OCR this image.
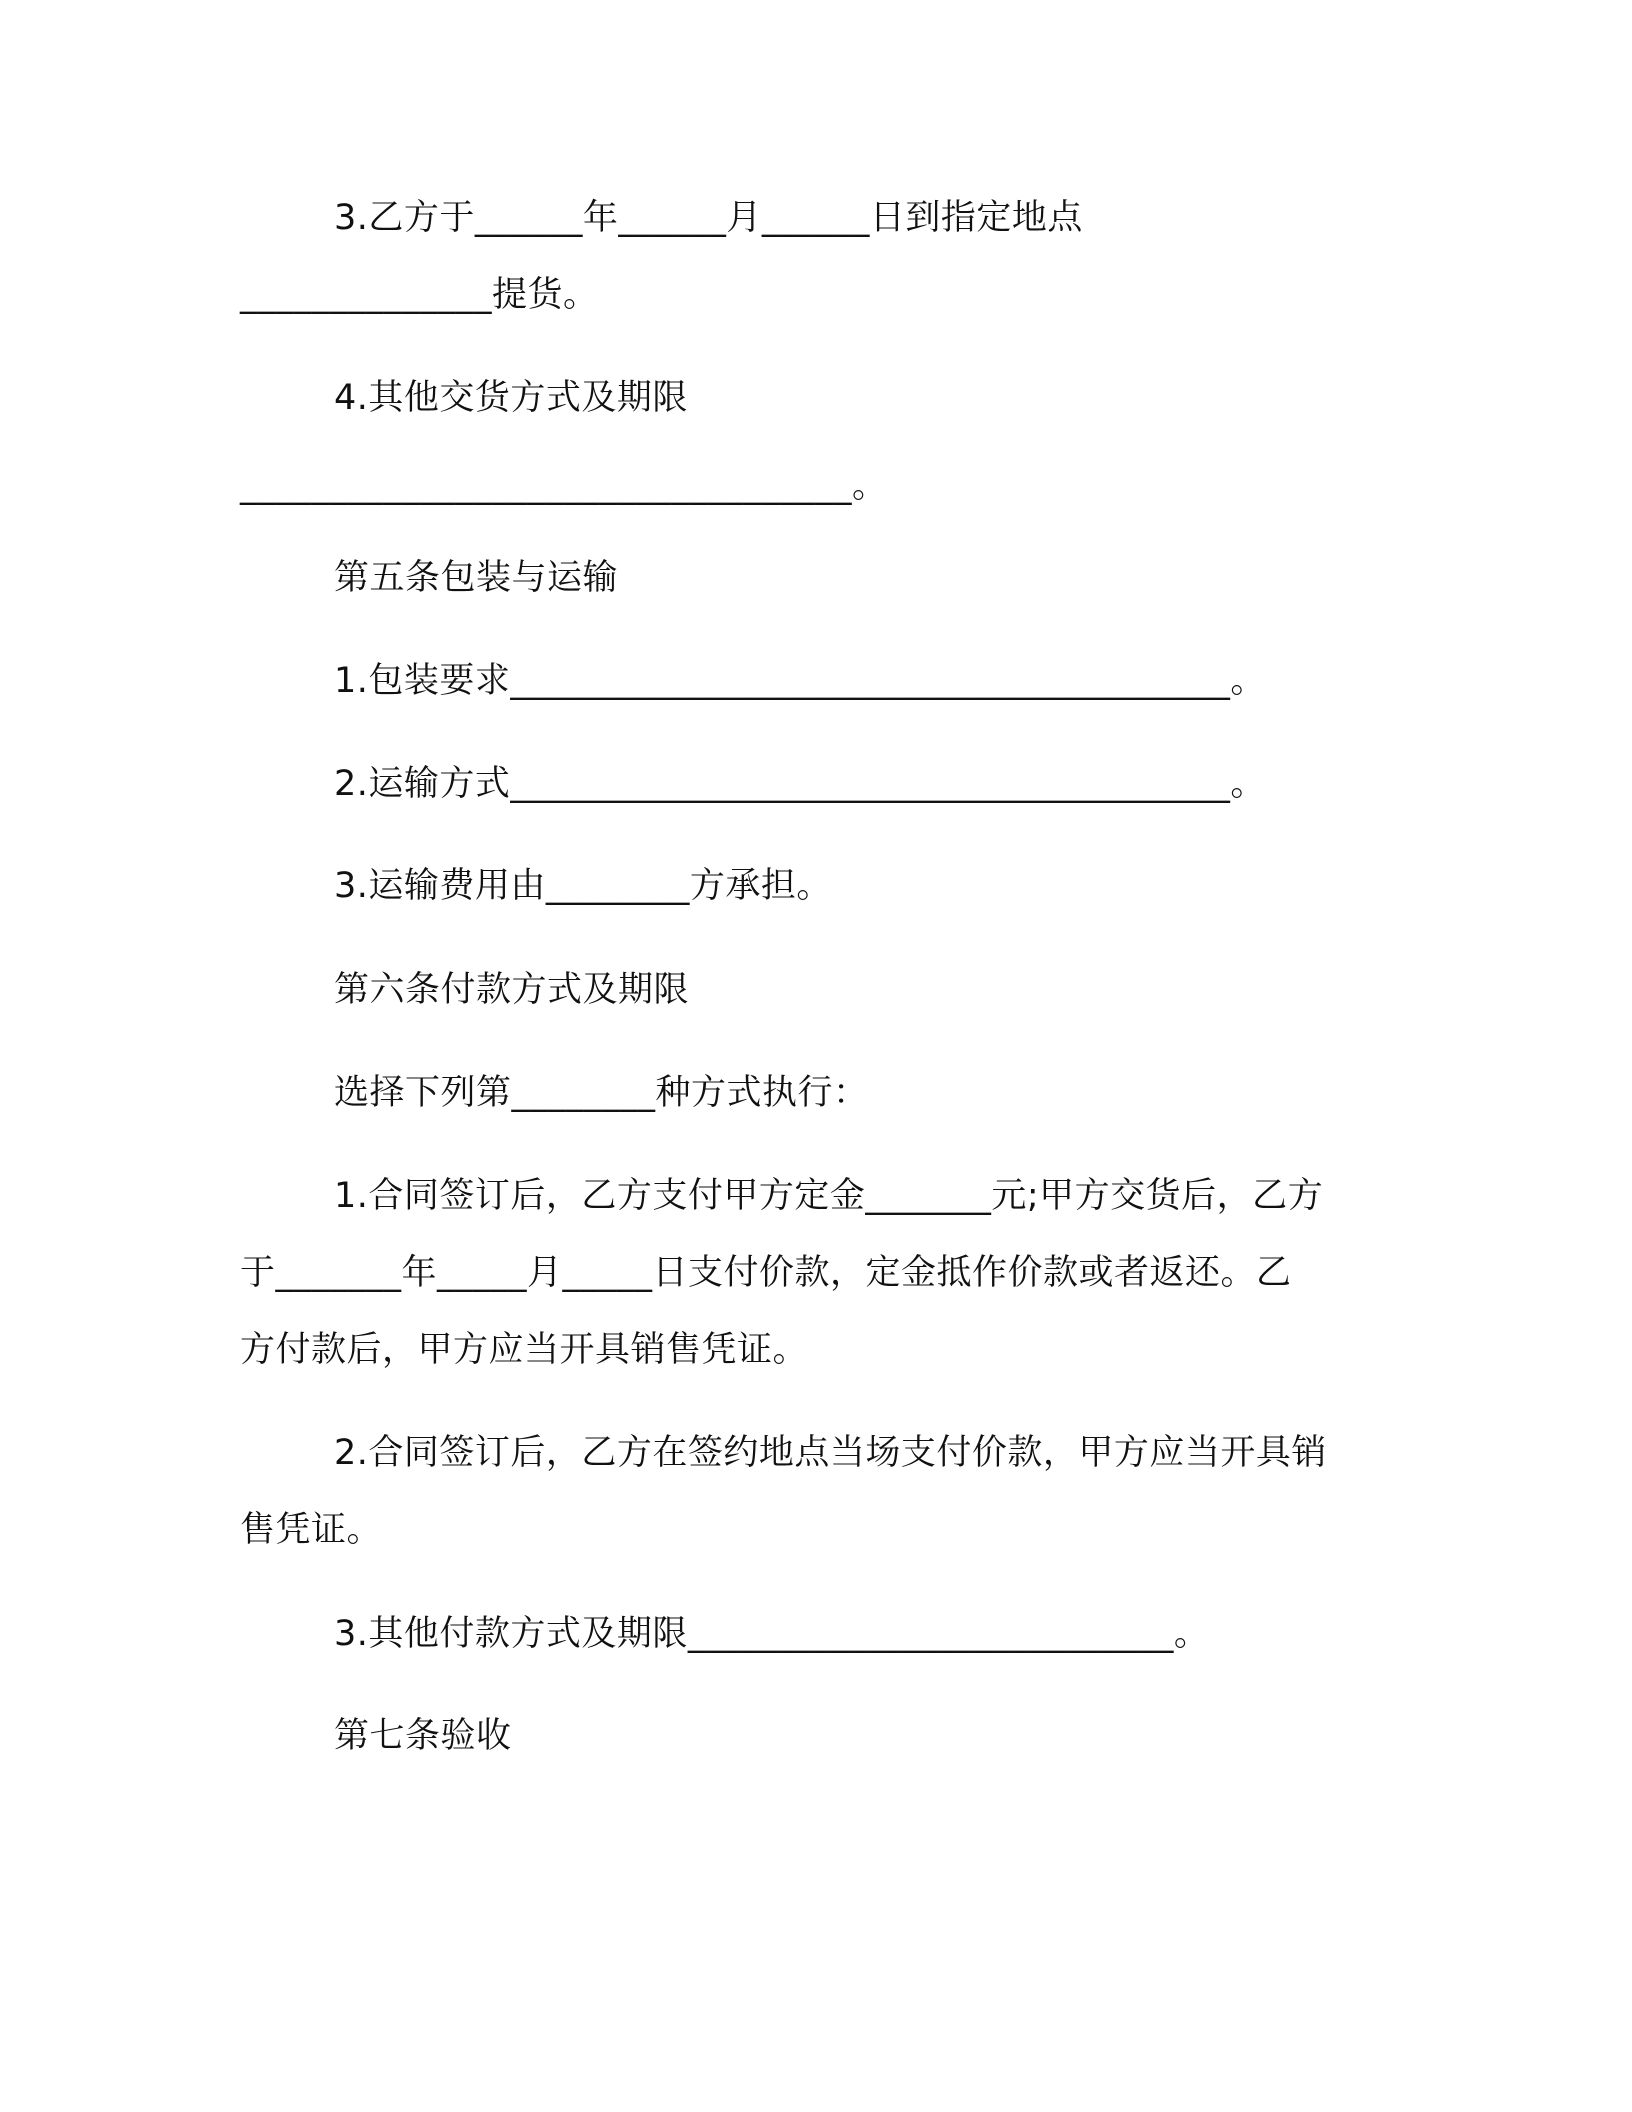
3.乙方于______年______月______日到指定地点
______________提货。
4.其他交货方式及期限
__________________________________。
第五条包装与运输
1.包装要求________________________________________。
2.运输方式________________________________________。
3.运输费用由________方承担。
第六条付款方式及期限
选择下列第________种方式执行：
1.合同签订后，乙方支付甲方定金_______元;甲方交货后，乙方
于_______年_____月_____日支付价款，定金抵作价款或者返还。乙
方付款后，甲方应当开具销售凭证。
2.合同签订后，乙方在签约地点当场支付价款，甲方应当开具销
售凭证。
3.其他付款方式及期限___________________________。
第七条验收
